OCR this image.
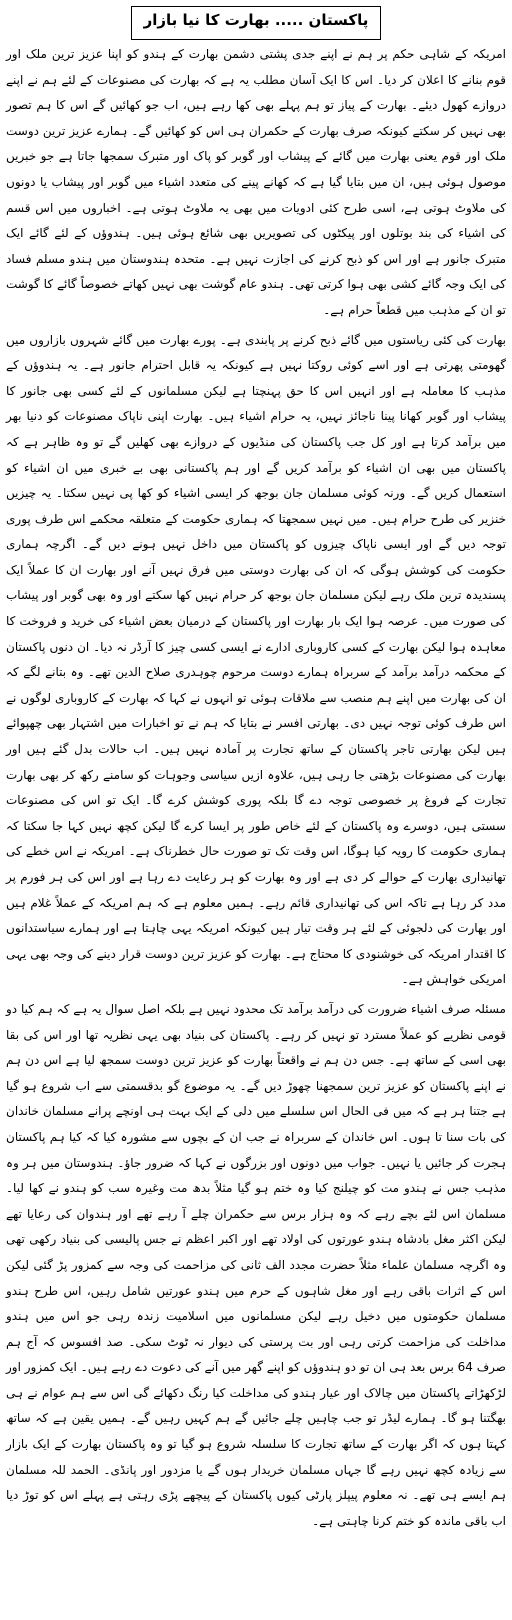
پاکستان ..... بھارت کا نیا بازار

امریکہ کے شاہی حکم پر ہم نے اپنے جدی پشتی دشمن بھارت کے ہندو کو اپنا عزیز ترین ملک اور قوم بنانے کا اعلان کر دیا۔ اس کا ایک آسان مطلب یہ ہے کہ بھارت کی مصنوعات کے لئے ہم نے اپنے دروازے کھول دیئے۔ بھارت کے پیاز تو ہم پہلے بھی کھا رہے ہیں، اب جو کھائیں گے اس کا ہم تصور بھی نہیں کر سکتے کیونکہ صرف بھارت کے حکمران ہی اس کو کھائیں گے۔ ہمارے عزیز ترین دوست ملک اور قوم یعنی بھارت میں گائے کے پیشاب اور گوبر کو پاک اور متبرک سمجھا جاتا ہے جو خبریں موصول ہوئی ہیں، ان میں بتایا گیا ہے کہ کھانے پینے کی متعدد اشیاء میں گوبر اور پیشاب یا دونوں کی ملاوٹ ہوتی ہے، اسی طرح کئی ادویات میں بھی یہ ملاوٹ ہوتی ہے۔ اخباروں میں اس قسم کی اشیاء کی بند بوتلوں اور پیکٹوں کی تصویریں بھی شائع ہوئی ہیں۔ ہندوؤں کے لئے گائے ایک متبرک جانور ہے اور اس کو ذبح کرنے کی اجازت نہیں ہے۔ متحدہ ہندوستان میں ہندو مسلم فساد کی ایک وجہ گائے کشی بھی ہوا کرتی تھی۔ ہندو عام گوشت بھی نہیں کھاتے خصوصاً گائے کا گوشت تو ان کے مذہب میں قطعاً حرام ہے۔

بھارت کی کئی ریاستوں میں گائے ذبح کرنے پر پابندی ہے۔ پورے بھارت میں گائے شہروں بازاروں میں گھومتی پھرتی ہے اور اسے کوئی روکتا نہیں ہے کیونکہ یہ قابل احترام جانور ہے۔ یہ ہندوؤں کے مذہب کا معاملہ ہے اور انہیں اس کا حق پہنچتا ہے لیکن مسلمانوں کے لئے کسی بھی جانور کا پیشاب اور گوبر کھانا پینا ناجائز نہیں، یہ حرام اشیاء ہیں۔ بھارت اپنی ناپاک مصنوعات کو دنیا بھر میں برآمد کرتا ہے اور کل جب پاکستان کی منڈیوں کے دروازے بھی کھلیں گے تو وہ ظاہر ہے کہ پاکستان میں بھی ان اشیاء کو برآمد کریں گے اور ہم پاکستانی بھی بے خبری میں ان اشیاء کو استعمال کریں گے۔ ورنہ کوئی مسلمان جان بوجھ کر ایسی اشیاء کو کھا پی نہیں سکتا۔ یہ چیزیں خنزیر کی طرح حرام ہیں۔ میں نہیں سمجھتا کہ ہماری حکومت کے متعلقہ محکمے اس طرف پوری توجہ دیں گے اور ایسی ناپاک چیزوں کو پاکستان میں داخل نہیں ہونے دیں گے۔ اگرچہ ہماری حکومت کی کوشش ہوگی کہ ان کی بھارت دوستی میں فرق نہیں آنے اور بھارت ان کا عملاً ایک پسندیدہ ترین ملک رہے لیکن مسلمان جان بوجھ کر حرام نہیں کھا سکتے اور وہ بھی گوبر اور پیشاب کی صورت میں۔ عرصہ ہوا ایک بار بھارت اور پاکستان کے درمیان بعض اشیاء کی خرید و فروخت کا معاہدہ ہوا لیکن بھارت کے کسی کاروباری ادارے نے ایسی کسی چیز کا آرڈر نہ دیا۔ ان دنوں پاکستان کے محکمہ درآمد برآمد کے سربراہ ہمارے دوست مرحوم چوہدری صلاح الدین تھے۔ وہ بتانے لگے کہ ان کی بھارت میں اپنے ہم منصب سے ملاقات ہوئی تو انہوں نے کہا کہ بھارت کے کاروباری لوگوں نے اس طرف کوئی توجہ نہیں دی۔ بھارتی افسر نے بتایا کہ ہم نے تو اخبارات میں اشتہار بھی چھپوائے ہیں لیکن بھارتی تاجر پاکستان کے ساتھ تجارت پر آمادہ نہیں ہیں۔ اب حالات بدل گئے ہیں اور بھارت کی مصنوعات بڑھتی جا رہی ہیں، علاوہ ازیں سیاسی وجوہات کو سامنے رکھ کر بھی بھارت تجارت کے فروغ پر خصوصی توجہ دے گا بلکہ پوری کوشش کرے گا۔ ایک تو اس کی مصنوعات سستی ہیں، دوسرے وہ پاکستان کے لئے خاص طور پر ایسا کرے گا لیکن کچھ نہیں کہا جا سکتا کہ ہماری حکومت کا رویہ کیا ہوگا، اس وقت تک تو صورت حال خطرناک ہے۔ امریکہ نے اس خطے کی تھانیداری بھارت کے حوالے کر دی ہے اور وہ بھارت کو ہر رعایت دے رہا ہے اور اس کی ہر فورم پر مدد کر رہا ہے تاکہ اس کی تھانیداری قائم رہے۔ ہمیں معلوم ہے کہ ہم امریکہ کے عملاً غلام ہیں اور بھارت کی دلجوئی کے لئے ہر وقت تیار ہیں کیونکہ امریکہ یہی چاہتا ہے اور ہمارے سیاستدانوں کا اقتدار امریکہ کی خوشنودی کا محتاج ہے۔ بھارت کو عزیز ترین دوست قرار دینے کی وجہ بھی یہی امریکی خواہش ہے۔

مسئلہ صرف اشیاء ضرورت کی درآمد برآمد تک محدود نہیں ہے بلکہ اصل سوال یہ ہے کہ ہم کیا دو قومی نظریے کو عملاً مسترد تو نہیں کر رہے۔ پاکستان کی بنیاد بھی یہی نظریہ تھا اور اس کی بقا بھی اسی کے ساتھ ہے۔ جس دن ہم نے واقعتاً بھارت کو عزیز ترین دوست سمجھ لیا ہے اس دن ہم نے اپنے پاکستان کو عزیز ترین سمجھنا چھوڑ دیں گے۔ یہ موضوع گو بدقسمتی سے اب شروع ہو گیا ہے جتنا ہر ہے کہ میں فی الحال اس سلسلے میں دلی کے ایک بہت ہی اونچے پرانے مسلمان خاندان کی بات سنا تا ہوں۔ اس خاندان کے سربراہ نے جب ان کے بچوں سے مشورہ کیا کہ کیا ہم پاکستان ہجرت کر جائیں یا نہیں۔ جواب میں دونوں اور بزرگوں نے کہا کہ ضرور جاؤ۔ ہندوستان میں ہر وہ مذہب جس نے ہندو مت کو چیلنج کیا وہ ختم ہو گیا مثلاً بدھ مت وغیرہ سب کو ہندو نے کھا لیا۔ مسلمان اس لئے بچے رہے کہ وہ ہزار برس سے حکمران چلے آ رہے تھے اور ہندوان کی رعایا تھے لیکن اکثر مغل بادشاہ ہندو عورتوں کی اولاد تھے اور اکبر اعظم نے جس پالیسی کی بنیاد رکھی تھی وہ اگرچہ مسلمان علماء مثلاً حضرت مجدد الف ثانی کی مزاحمت کی وجہ سے کمزور پڑ گئی لیکن اس کے اثرات باقی رہے اور مغل شاہوں کے حرم میں ہندو عورتیں شامل رہیں، اس طرح ہندو مسلمان حکومتوں میں دخیل رہے لیکن مسلمانوں میں اسلامیت زندہ رہی جو اس میں ہندو مداخلت کی مزاحمت کرتی رہی اور بت پرستی کی دیوار نہ ٹوٹ سکی۔ صد افسوس کہ آج ہم صرف 64 برس بعد ہی ان تو دو ہندوؤں کو اپنے گھر میں آنے کی دعوت دے رہے ہیں۔ ایک کمزور اور لڑکھڑاتے پاکستان میں چالاک اور عیار ہندو کی مداخلت کیا رنگ دکھائے گی اس سے ہم عوام نے ہی بھگتنا ہو گا۔ ہمارے لیڈر تو جب چاہیں چلے جائیں گے ہم کہیں رہیں گے۔ ہمیں یقین ہے کہ ساتھ کہتا ہوں کہ اگر بھارت کے ساتھ تجارت کا سلسلہ شروع ہو گیا تو وہ پاکستان بھارت کے ایک بازار سے زیادہ کچھ نہیں رہے گا جہاں مسلمان خریدار ہوں گے یا مزدور اور پانڈی۔ الحمد للہ مسلمان ہم ایسے ہی تھے۔ نہ معلوم پیپلز پارٹی کیوں پاکستان کے پیچھے پڑی رہتی ہے پہلے اس کو توڑ دیا اب باقی ماندہ کو ختم کرنا چاہتی ہے۔
